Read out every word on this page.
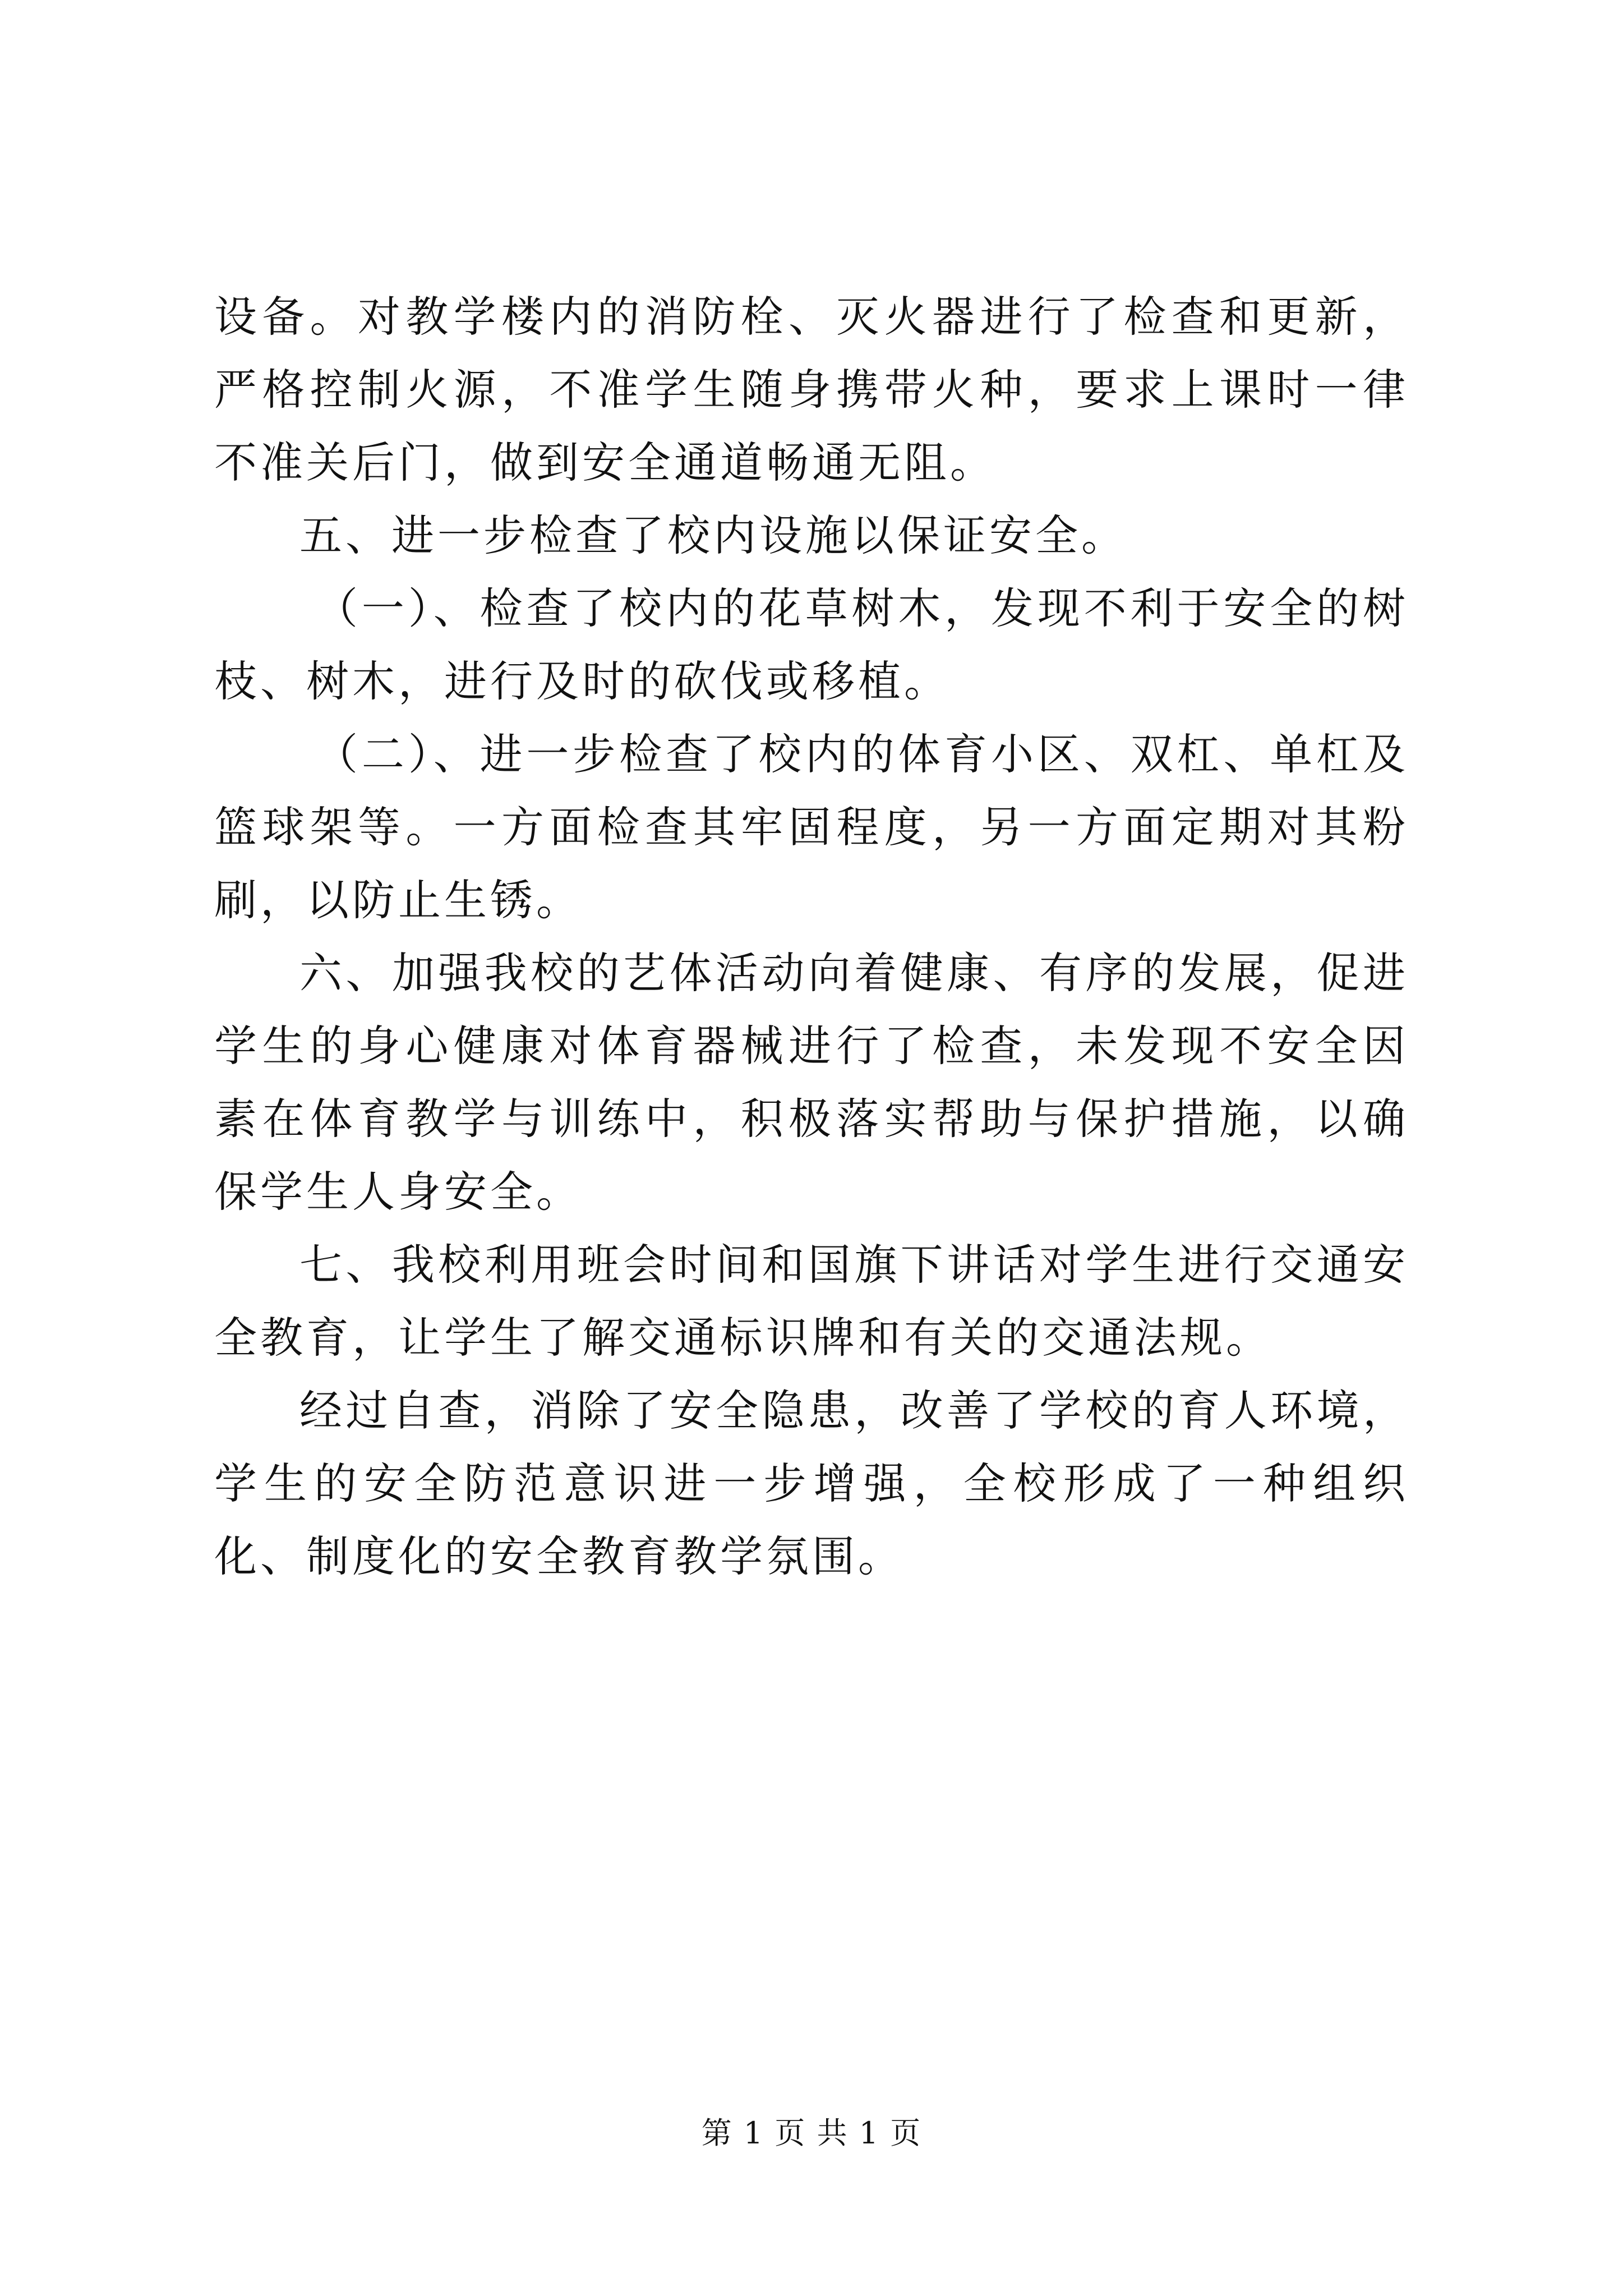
设备。对教学楼内的消防栓、灭火器进行了检查和更新，严格控制火源，不准学生随身携带火种，要求上课时一律不准关后门，做到安全通道畅通无阻。

五、进一步检查了校内设施以保证安全。

（一）、检查了校内的花草树木，发现不利于安全的树枝、树木，进行及时的砍伐或移植。

（二）、进一步检查了校内的体育小区、双杠、单杠及篮球架等。一方面检查其牢固程度，另一方面定期对其粉刷，以防止生锈。

六、加强我校的艺体活动向着健康、有序的发展，促进学生的身心健康对体育器械进行了检查，未发现不安全因素在体育教学与训练中，积极落实帮助与保护措施，以确保学生人身安全。

七、我校利用班会时间和国旗下讲话对学生进行交通安全教育，让学生了解交通标识牌和有关的交通法规。

经过自查，消除了安全隐患，改善了学校的育人环境，学生的安全防范意识进一步增强，全校形成了一种组织化、制度化的安全教育教学氛围。

第 1 页 共 1 页
